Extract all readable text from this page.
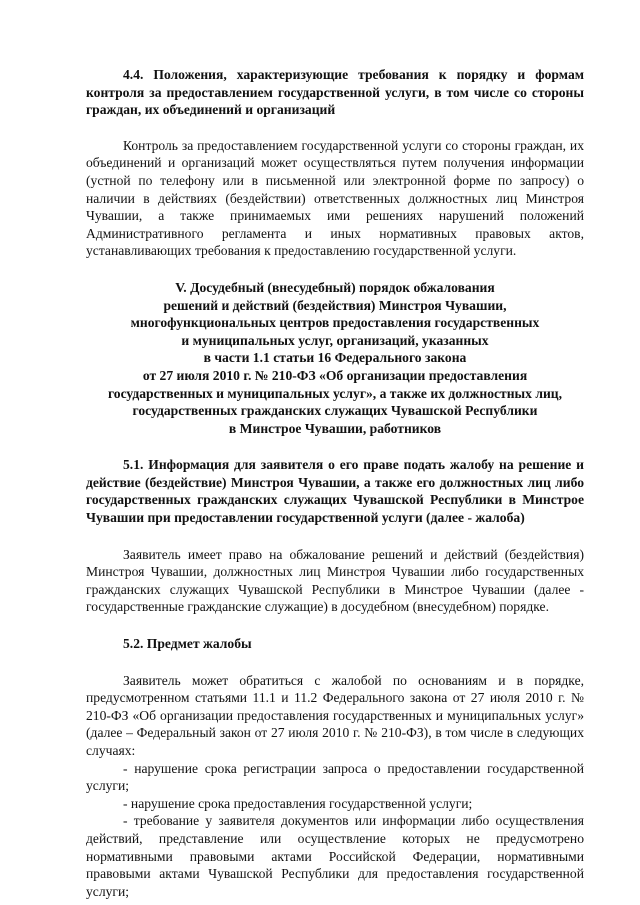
4.4. Положения, характеризующие требования к порядку и формам контроля за предоставлением государственной услуги, в том числе со стороны граждан, их объединений и организаций
Контроль за предоставлением государственной услуги со стороны граждан, их объединений и организаций может осуществляться путем получения информации (устной по телефону или в письменной или электронной форме по запросу) о наличии в действиях (бездействии) ответственных должностных лиц Минстроя Чувашии, а также принимаемых ими решениях нарушений положений Административного регламента и иных нормативных правовых актов, устанавливающих требования к предоставлению государственной услуги.
V. Досудебный (внесудебный) порядок обжалования
решений и действий (бездействия) Минстроя Чувашии,
многофункциональных центров предоставления государственных
и муниципальных услуг, организаций, указанных
в части 1.1 статьи 16 Федерального закона
от 27 июля 2010 г. № 210-ФЗ «Об организации предоставления
государственных и муниципальных услуг», а также их должностных лиц,
государственных гражданских служащих Чувашской Республики
в Минстрое Чувашии, работников
5.1. Информация для заявителя о его праве подать жалобу на решение и действие (бездействие) Минстроя Чувашии, а также его должностных лиц либо государственных гражданских служащих Чувашской Республики в Минстрое Чувашии при предоставлении государственной услуги (далее - жалоба)
Заявитель имеет право на обжалование решений и действий (бездействия) Минстроя Чувашии, должностных лиц Минстроя Чувашии либо государственных гражданских служащих Чувашской Республики в Минстрое Чувашии (далее - государственные гражданские служащие) в досудебном (внесудебном) порядке.
5.2. Предмет жалобы
Заявитель может обратиться с жалобой по основаниям и в порядке, предусмотренном статьями 11.1 и 11.2 Федерального закона от 27 июля 2010 г. № 210-ФЗ «Об организации предоставления государственных и муниципальных услуг» (далее – Федеральный закон от 27 июля 2010 г. № 210-ФЗ), в том числе в следующих случаях:
- нарушение срока регистрации запроса о предоставлении государственной услуги;
- нарушение срока предоставления государственной услуги;
- требование у заявителя документов или информации либо осуществления действий, представление или осуществление которых не предусмотрено нормативными правовыми актами Российской Федерации, нормативными правовыми актами Чувашской Республики для предоставления государственной услуги;
